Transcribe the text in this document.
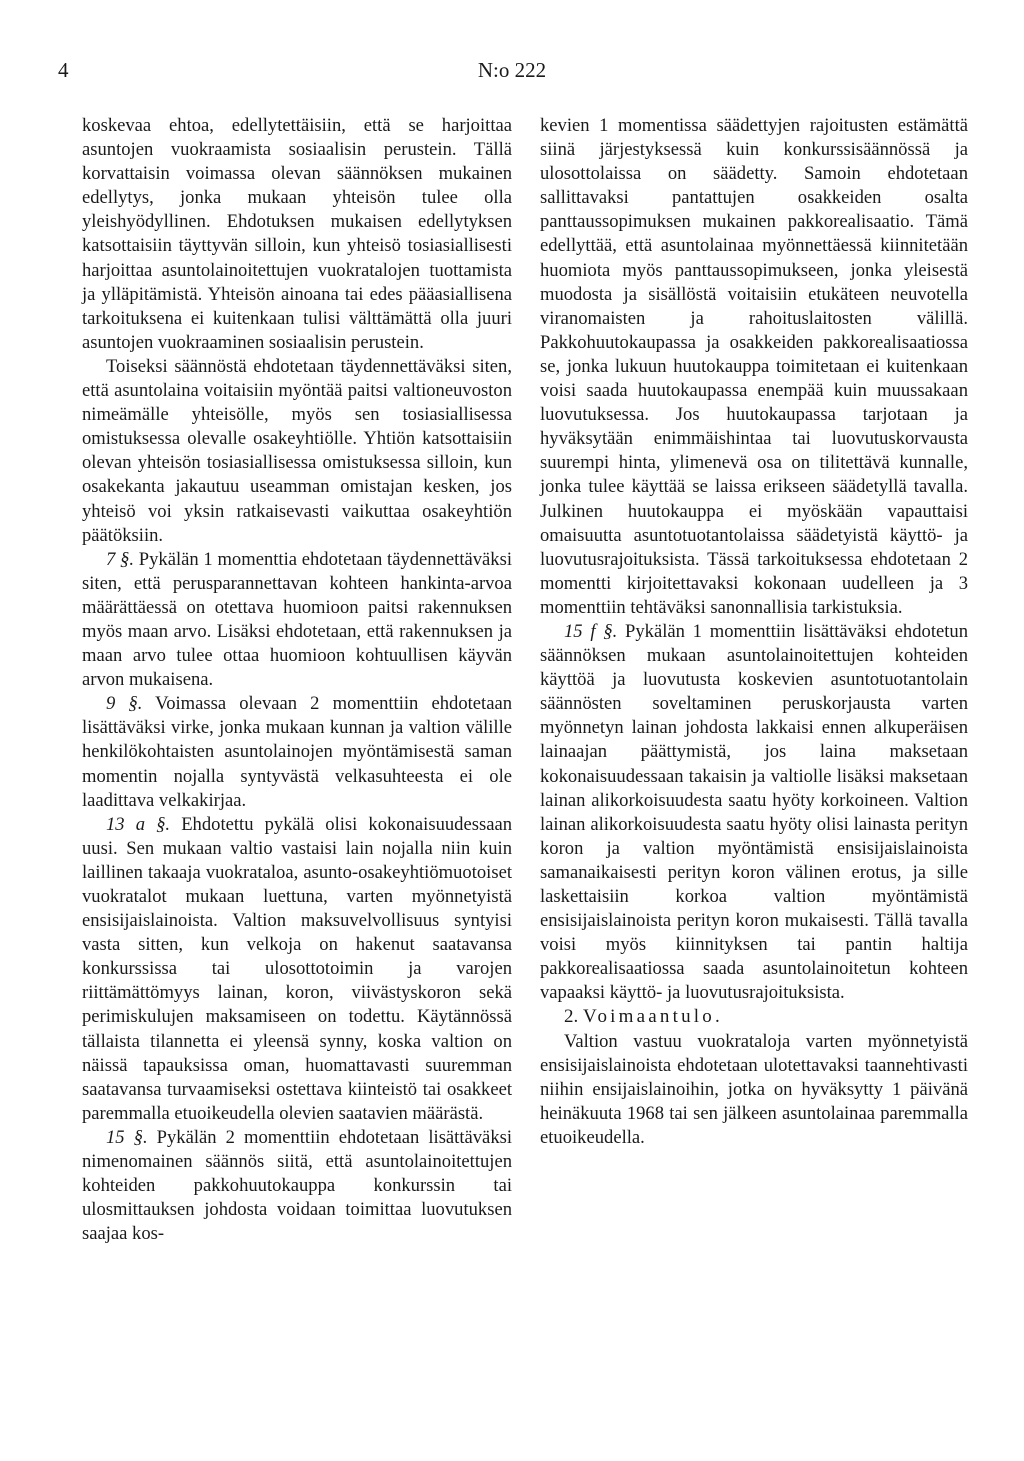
4	N:o 222

koskevaa ehtoa, edellytettäisiin, että se harjoittaa asuntojen vuokraamista sosiaalisin perustein. Tällä korvattaisin voimassa olevan säännöksen mukainen edellytys, jonka mukaan yhteisön tulee olla yleishyödyllinen. Ehdotuksen mukaisen edellytyksen katsottaisiin täyttyvän silloin, kun yhteisö tosiasiallisesti harjoittaa asuntolainoitettujen vuokratalojen tuottamista ja ylläpitämistä. Yhteisön ainoana tai edes pääasiallisena tarkoituksena ei kuitenkaan tulisi välttämättä olla juuri asuntojen vuokraaminen sosiaalisin perustein.

Toiseksi säännöstä ehdotetaan täydennettäväksi siten, että asuntolaina voitaisiin myöntää paitsi valtioneuvoston nimeämälle yhteisölle, myös sen tosiasiallisessa omistuksessa olevalle osakeyhtiölle. Yhtiön katsottaisiin olevan yhteisön tosiasiallisessa omistuksessa silloin, kun osakekanta jakautuu useamman omistajan kesken, jos yhteisö voi yksin ratkaisevasti vaikuttaa osakeyhtiön päätöksiin.

7 §. Pykälän 1 momenttia ehdotetaan täydennettäväksi siten, että perusparannettavan kohteen hankinta-arvoa määrättäessä on otettava huomioon paitsi rakennuksen myös maan arvo. Lisäksi ehdotetaan, että rakennuksen ja maan arvo tulee ottaa huomioon kohtuullisen käyvän arvon mukaisena.

9 §. Voimassa olevaan 2 momenttiin ehdotetaan lisättäväksi virke, jonka mukaan kunnan ja valtion välille henkilökohtaisten asuntolainojen myöntämisestä saman momentin nojalla syntyvästä velkasuhteesta ei ole laadittava velkakirjaa.

13 a §. Ehdotettu pykälä olisi kokonaisuudessaan uusi. Sen mukaan valtio vastaisi lain nojalla niin kuin laillinen takaaja vuokrataloa, asunto-osakeyhtiömuotoiset vuokratalot mukaan luettuna, varten myönnetyistä ensisijaislainoista. Valtion maksuvelvollisuus syntyisi vasta sitten, kun velkoja on hakenut saatavansa konkurssissa tai ulosottotoimin ja varojen riittämättömyys lainan, koron, viivästyskoron sekä perimiskulujen maksamiseen on todettu. Käytännössä tällaista tilannetta ei yleensä synny, koska valtion on näissä tapauksissa oman, huomattavasti suuremman saatavansa turvaamiseksi ostettava kiinteistö tai osakkeet paremmalla etuoikeudella olevien saatavien määrästä.

15 §. Pykälän 2 momenttiin ehdotetaan lisättäväksi nimenomainen säännös siitä, että asuntolainoitettujen kohteiden pakkohuutokauppa konkurssin tai ulosmittauksen johdosta voidaan toimittaa luovutuksen saajaa kos-

kevien 1 momentissa säädettyjen rajoitusten estämättä siinä järjestyksessä kuin konkurssisäännössä ja ulosottolaissa on säädetty. Samoin ehdotetaan sallittavaksi pantattujen osakkeiden osalta panttaussopimuksen mukainen pakkorealisaatio. Tämä edellyttää, että asuntolainaa myönnettäessä kiinnitetään huomiota myös panttaussopimukseen, jonka yleisestä muodosta ja sisällöstä voitaisiin etukäteen neuvotella viranomaisten ja rahoituslaitosten välillä. Pakkohuutokaupassa ja osakkeiden pakkorealisaatiossa se, jonka lukuun huutokauppa toimitetaan ei kuitenkaan voisi saada huutokaupassa enempää kuin muussakaan luovutuksessa. Jos huutokaupassa tarjotaan ja hyväksytään enimmäishintaa tai luovutuskorvausta suurempi hinta, ylimenevä osa on tilitettävä kunnalle, jonka tulee käyttää se laissa erikseen säädetyllä tavalla. Julkinen huutokauppa ei myöskään vapauttaisi omaisuutta asuntotuotantolaissa säädetyistä käyttö- ja luovutusrajoituksista. Tässä tarkoituksessa ehdotetaan 2 momentti kirjoitettavaksi kokonaan uudelleen ja 3 momenttiin tehtäväksi sanonnallisia tarkistuksia.

15 f §. Pykälän 1 momenttiin lisättäväksi ehdotetun säännöksen mukaan asuntolainoitettujen kohteiden käyttöä ja luovutusta koskevien asuntotuotantolain säännösten soveltaminen peruskorjausta varten myönnetyn lainan johdosta lakkaisi ennen alkuperäisen lainaajan päättymistä, jos laina maksetaan kokonaisuudessaan takaisin ja valtiolle lisäksi maksetaan lainan alikorkoisuudesta saatu hyöty korkoineen. Valtion lainan alikorkoisuudesta saatu hyöty olisi lainasta perityn koron ja valtion myöntämistä ensisijaislainoista samanaikaisesti perityn koron välinen erotus, ja sille laskettaisiin korkoa valtion myöntämistä ensisijaislainoista perityn koron mukaisesti. Tällä tavalla voisi myös kiinnityksen tai pantin haltija pakkorealisaatiossa saada asuntolainoitetun kohteen vapaaksi käyttö- ja luovutusrajoituksista.

2. Voimaantulo.

Valtion vastuu vuokrataloja varten myönnetyistä ensisijaislainoista ehdotetaan ulotettavaksi taannehtivasti niihin ensijaislainoihin, jotka on hyväksytty 1 päivänä heinäkuuta 1968 tai sen jälkeen asuntolainaa paremmalla etuoikeudella.
